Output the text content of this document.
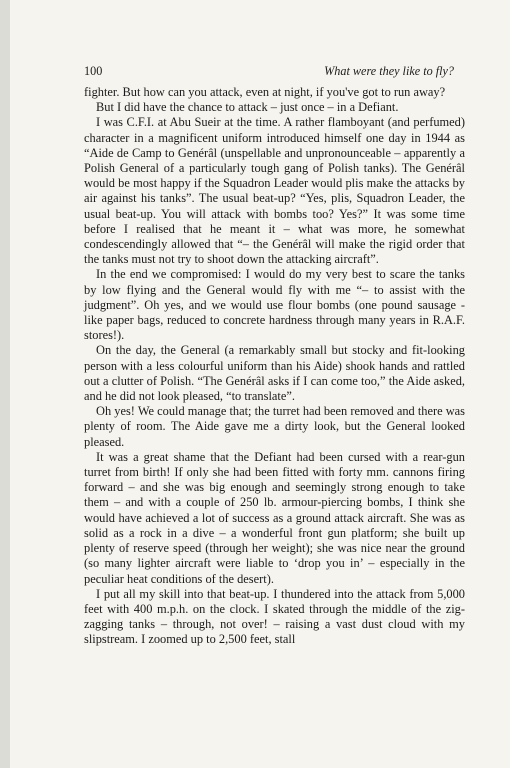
100	What were they like to fly?

fighter. But how can you attack, even at night, if you've got to run away?

But I did have the chance to attack – just once – in a Defiant.

I was C.F.I. at Abu Sueir at the time. A rather flamboyant (and perfumed) character in a magnificent uniform introduced himself one day in 1944 as “Aide de Camp to Genérâl (unspellable and unpronounceable – apparently a Polish General of a particularly tough gang of Polish tanks). The Genérâl would be most happy if the Squadron Leader would plis make the attacks by air against his tanks”. The usual beat-up? “Yes, plis, Squadron Leader, the usual beat-up. You will attack with bombs too? Yes?” It was some time before I realised that he meant it – what was more, he somewhat condescendingly allowed that “– the Genérâl will make the rigid order that the tanks must not try to shoot down the attacking aircraft”.

In the end we compromised: I would do my very best to scare the tanks by low flying and the General would fly with me “– to assist with the judgment”. Oh yes, and we would use flour bombs (one pound sausage - like paper bags, reduced to concrete hardness through many years in R.A.F. stores!).

On the day, the General (a remarkably small but stocky and fit-looking person with a less colourful uniform than his Aide) shook hands and rattled out a clutter of Polish. “The Genérâl asks if I can come too,” the Aide asked, and he did not look pleased, “to translate”.

Oh yes! We could manage that; the turret had been removed and there was plenty of room. The Aide gave me a dirty look, but the General looked pleased.

It was a great shame that the Defiant had been cursed with a rear-gun turret from birth! If only she had been fitted with forty mm. cannons firing forward – and she was big enough and seemingly strong enough to take them – and with a couple of 250 lb. armour-piercing bombs, I think she would have achieved a lot of success as a ground attack aircraft. She was as solid as a rock in a dive – a wonderful front gun platform; she built up plenty of reserve speed (through her weight); she was nice near the ground (so many lighter aircraft were liable to ‘drop you in’ – especially in the peculiar heat conditions of the desert).

I put all my skill into that beat-up. I thundered into the attack from 5,000 feet with 400 m.p.h. on the clock. I skated through the middle of the zig-zagging tanks – through, not over! – raising a vast dust cloud with my slipstream. I zoomed up to 2,500 feet, stall
